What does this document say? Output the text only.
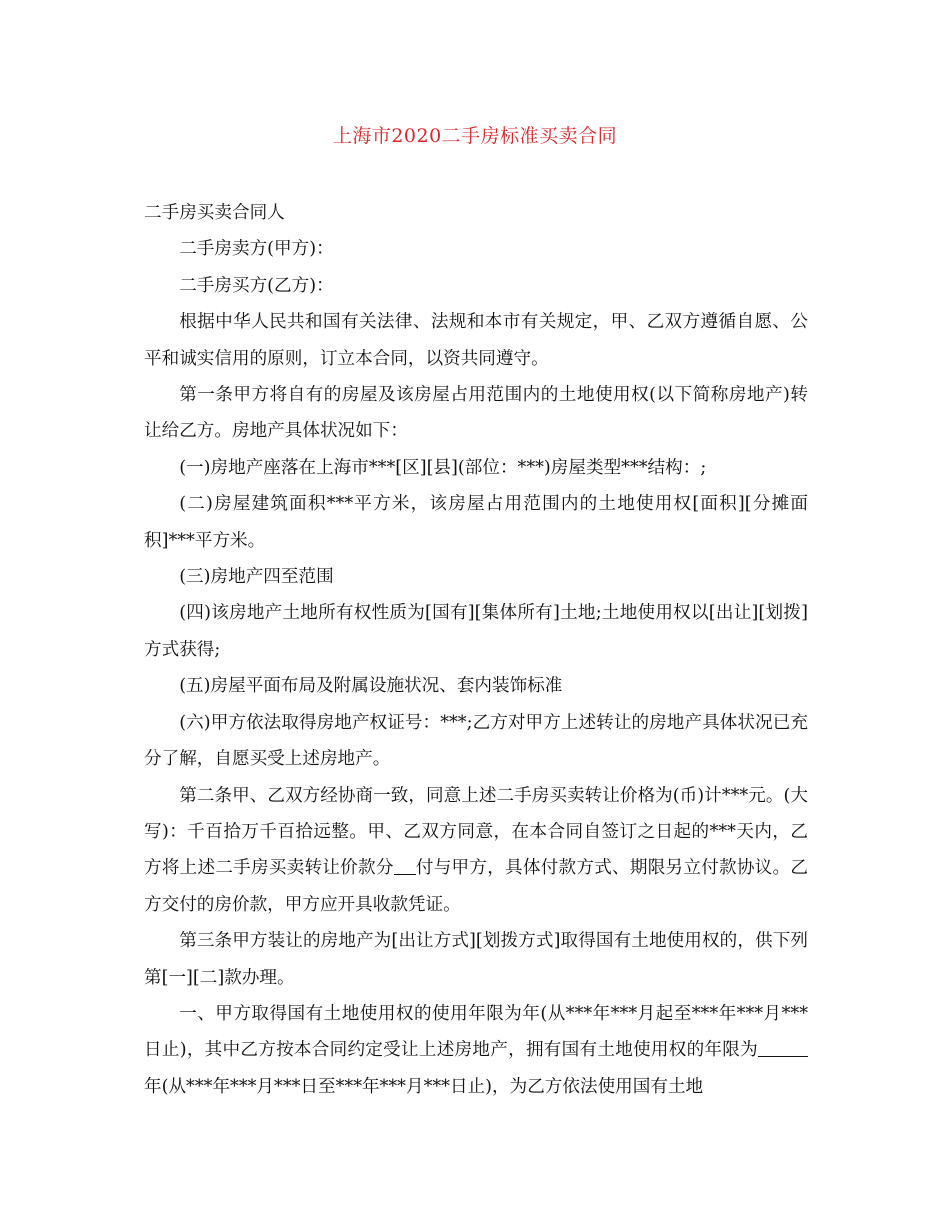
上海市2020二手房标准买卖合同

二手房买卖合同人

二手房卖方(甲方)：

二手房买方(乙方)：

根据中华人民共和国有关法律、法规和本市有关规定，甲、乙双方遵循自愿、公平和诚实信用的原则，订立本合同，以资共同遵守。

第一条甲方将自有的房屋及该房屋占用范围内的土地使用权(以下简称房地产)转让给乙方。房地产具体状况如下：

(一)房地产座落在上海市***[区][县](部位：***)房屋类型***结构：;

(二)房屋建筑面积***平方米，该房屋占用范围内的土地使用权[面积][分摊面积]***平方米。

(三)房地产四至范围

(四)该房地产土地所有权性质为[国有][集体所有]土地;土地使用权以[出让][划拨]方式获得;

(五)房屋平面布局及附属设施状况、套内装饰标准

(六)甲方依法取得房地产权证号：***;乙方对甲方上述转让的房地产具体状况已充分了解，自愿买受上述房地产。

第二条甲、乙双方经协商一致，同意上述二手房买卖转让价格为(币)计***元。(大写)：千百拾万千百拾远整。甲、乙双方同意，在本合同自签订之日起的***天内，乙方将上述二手房买卖转让价款分 付与甲方，具体付款方式、期限另立付款协议。乙方交付的房价款，甲方应开具收款凭证。

第三条甲方装让的房地产为[出让方式][划拨方式]取得国有土地使用权的，供下列第[一][二]款办理。

一、甲方取得国有土地使用权的使用年限为年(从***年***月起至***年***月***日止)，其中乙方按本合同约定受让上述房地产，拥有国有土地使用权的年限为年(从***年***月***日至***年***月***日止)，为乙方依法使用国有土地
